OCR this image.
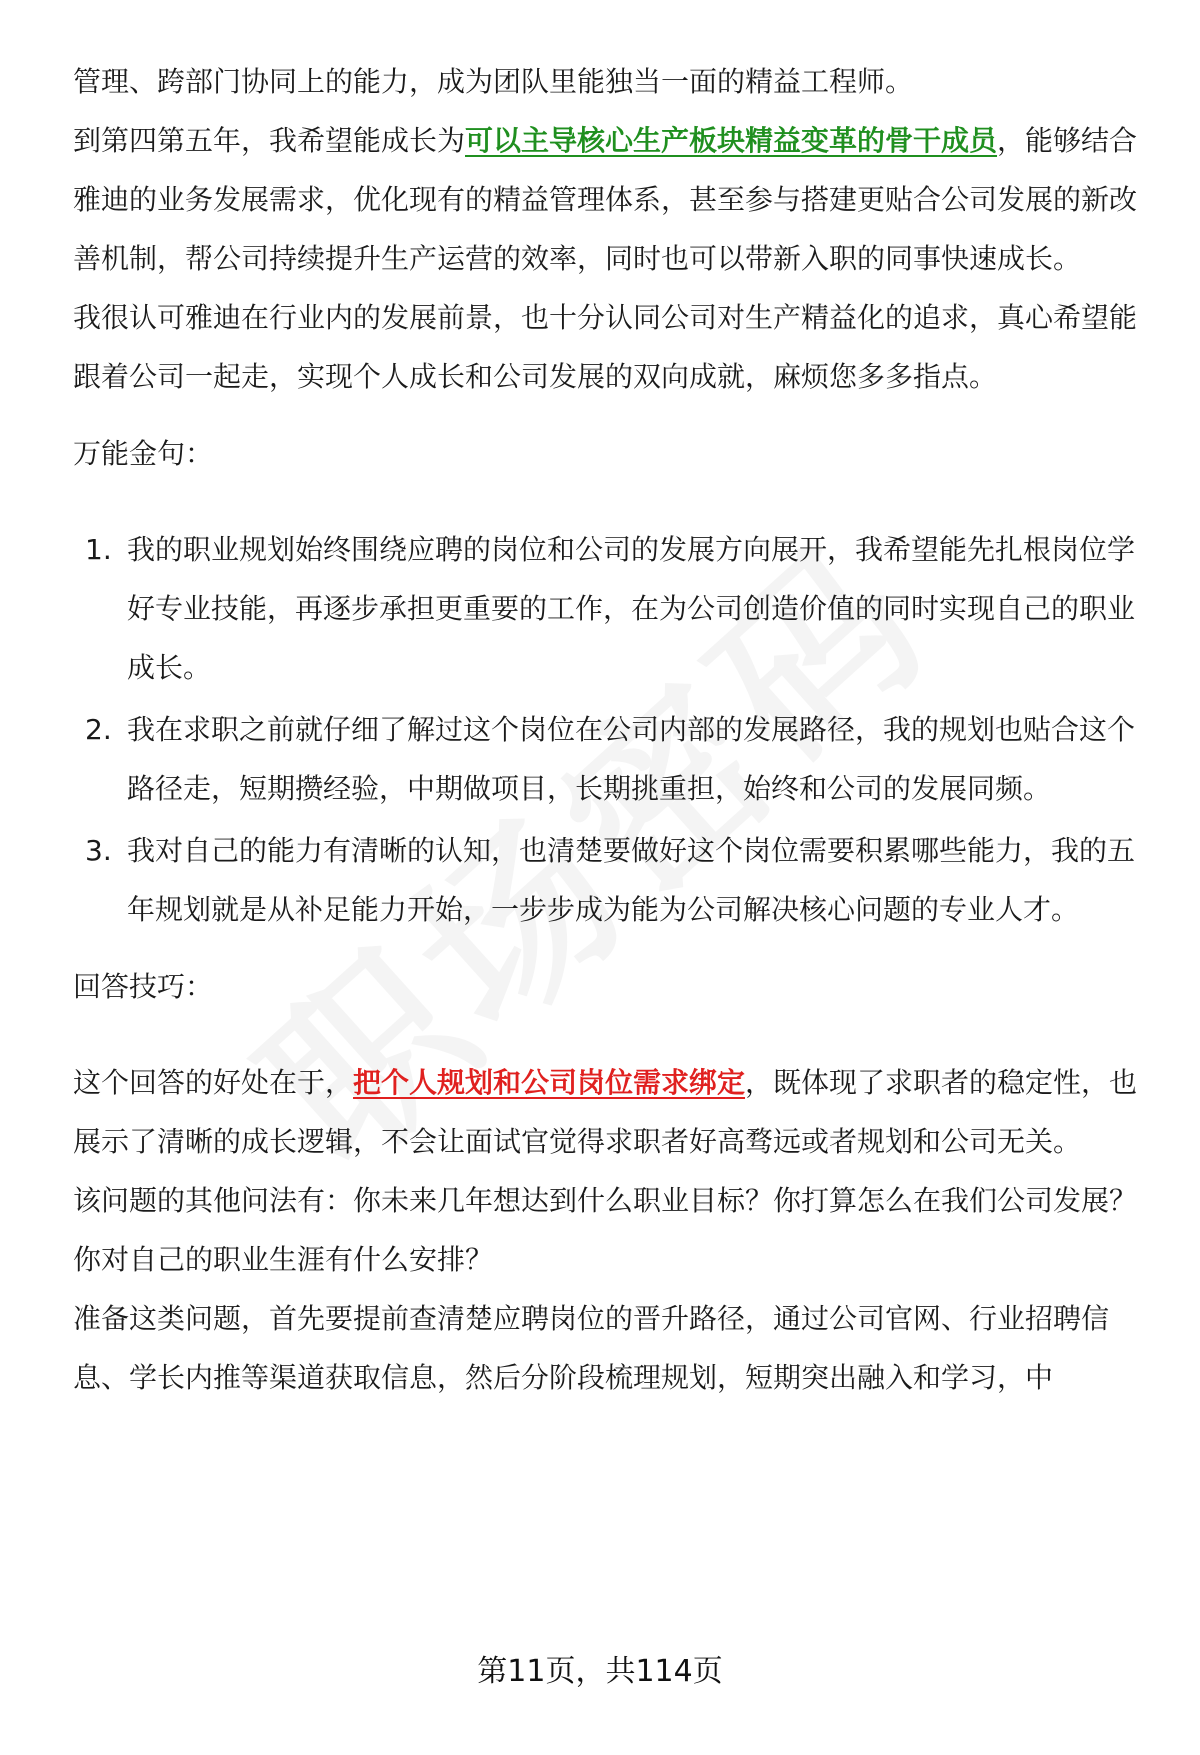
管理、跨部门协同上的能力，成为团队里能独当一面的精益工程师。

到第四第五年，我希望能成长为可以主导核心生产板块精益变革的骨干成员，能够结合雅迪的业务发展需求，优化现有的精益管理体系，甚至参与搭建更贴合公司发展的新改善机制，帮公司持续提升生产运营的效率，同时也可以带新入职的同事快速成长。

我很认可雅迪在行业内的发展前景，也十分认同公司对生产精益化的追求，真心希望能跟着公司一起走，实现个人成长和公司发展的双向成就，麻烦您多多指点。

万能金句：

1. 我的职业规划始终围绕应聘的岗位和公司的发展方向展开，我希望能先扎根岗位学好专业技能，再逐步承担更重要的工作，在为公司创造价值的同时实现自己的职业成长。
2. 我在求职之前就仔细了解过这个岗位在公司内部的发展路径，我的规划也贴合这个路径走，短期攒经验，中期做项目，长期挑重担，始终和公司的发展同频。
3. 我对自己的能力有清晰的认知，也清楚要做好这个岗位需要积累哪些能力，我的五年规划就是从补足能力开始，一步步成为能为公司解决核心问题的专业人才。

回答技巧：

这个回答的好处在于，把个人规划和公司岗位需求绑定，既体现了求职者的稳定性，也展示了清晰的成长逻辑，不会让面试官觉得求职者好高骛远或者规划和公司无关。

该问题的其他问法有：你未来几年想达到什么职业目标？你打算怎么在我们公司发展？你对自己的职业生涯有什么安排？

准备这类问题，首先要提前查清楚应聘岗位的晋升路径，通过公司官网、行业招聘信息、学长内推等渠道获取信息，然后分阶段梳理规划，短期突出融入和学习，中

第11页，共114页
